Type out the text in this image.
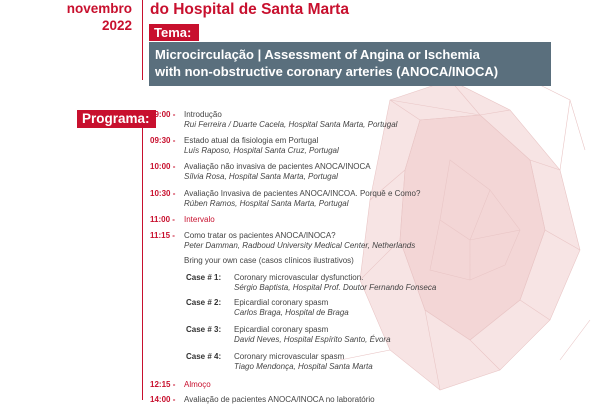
novembro
2022
do Hospital de Santa Marta
Tema:
Microcirculação | Assessment of Angina or Ischemia
with non-obstructive coronary arteries (ANOCA/INOCA)
Programa: 09:00 -Introdução
Rui Ferreira / Duarte Cacela, Hospital Santa Marta, Portugal
09:30 -Estado atual da fisiologia em Portugal
Luís Raposo, Hospital Santa Cruz, Portugal
10:00 -Avaliação não invasiva de pacientes ANOCA/INOCA
Sílvia Rosa, Hospital Santa Marta, Portugal
10:30 -Avaliação Invasiva de pacientes ANOCA/INCOA. Porquê e Como?
Rúben Ramos, Hospital Santa Marta, Portugal
11:00 -Intervalo
11:15 -Como tratar os pacientes ANOCA/INOCA?
Peter Damman, Radboud University Medical Center, Netherlands
Bring your own case (casos clínicos ilustrativos)
Case # 1: Coronary microvascular dysfunction.
Sérgio Baptista, Hospital Prof. Doutor Fernando Fonseca
Case # 2: Epicardial coronary spasm
Carlos Braga, Hospital de Braga
Case # 3: Epicardial coronary spasm
David Neves, Hospital Espírito Santo, Évora
Case # 4: Coronary microvascular spasm
Tiago Mendonça, Hospital Santa Marta
12:15 -Almoço
14:00 -Avaliação de pacientes ANOCA/INOCA no laboratório
